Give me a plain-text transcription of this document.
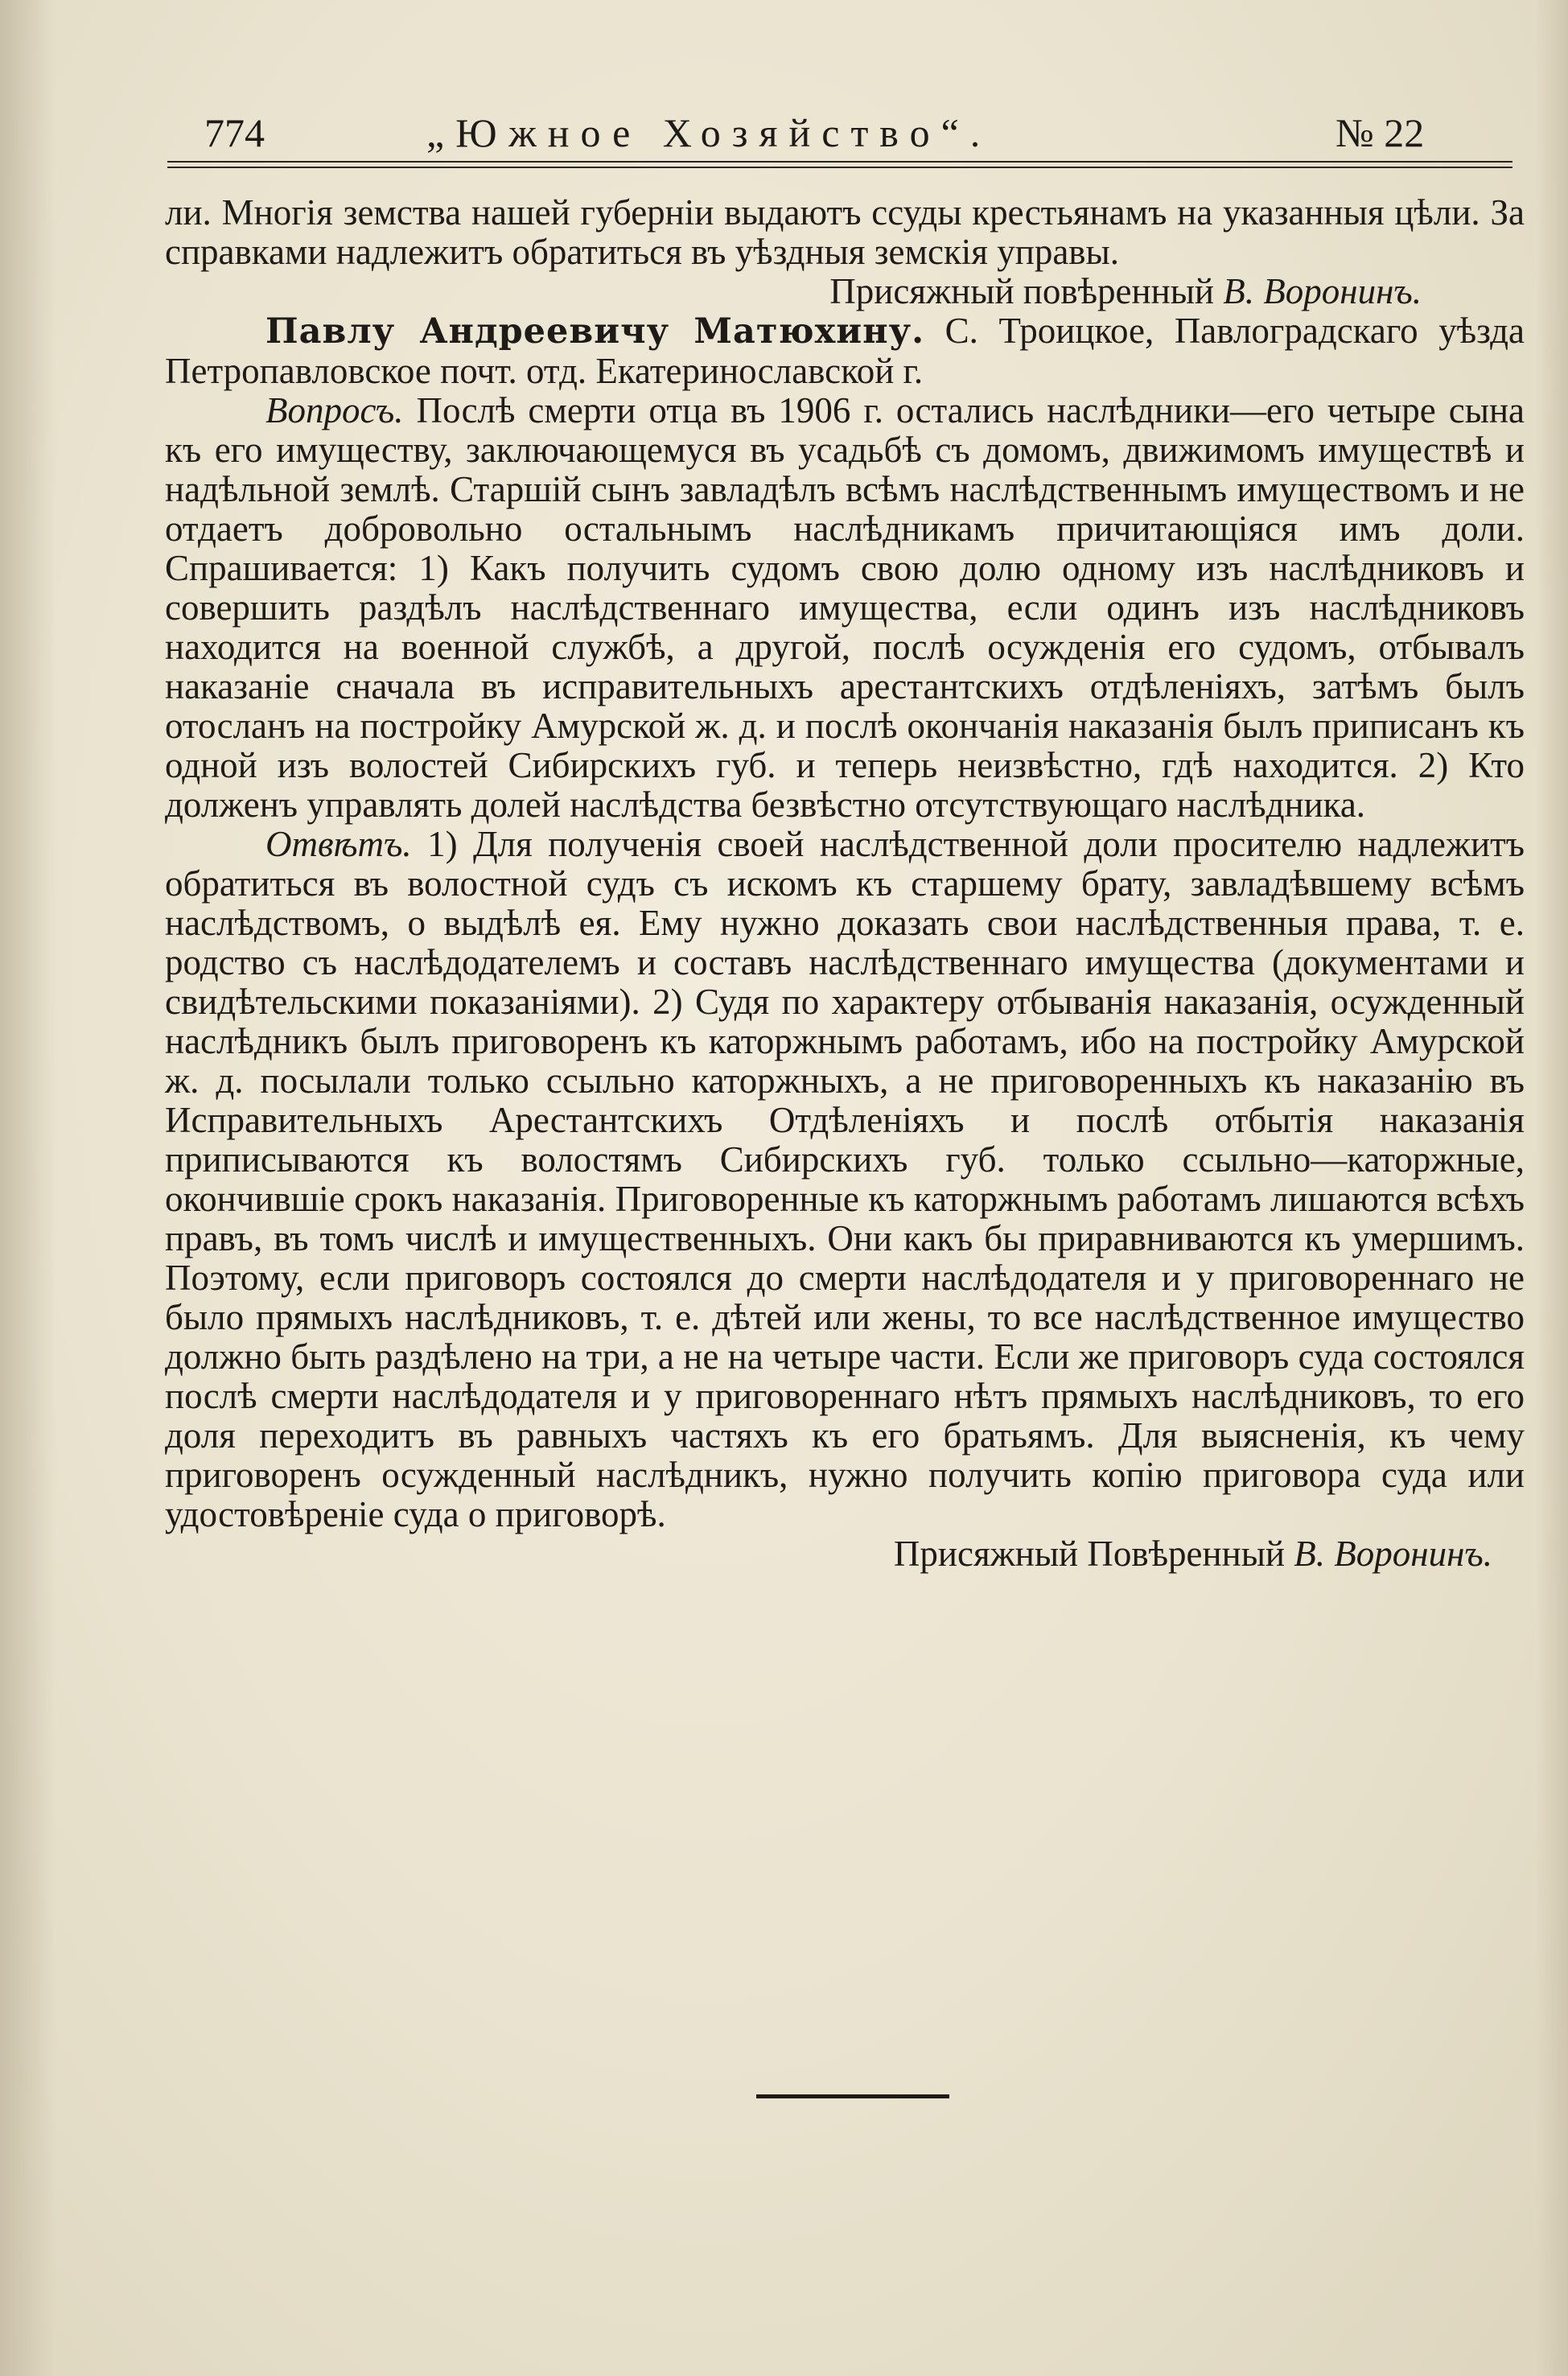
774	„Южное Хозяйство“.	№ 22

ли. Многія земства нашей губерніи выдаютъ ссуды крестьянамъ на указанныя цѣли. За справками надлежитъ обратиться въ уѣздныя земскія управы.

Присяжный повѣренный В. Воронинъ.

Павлу Андреевичу Матюхину. С. Троицкое, Павлоградскаго уѣзда Петропавловское почт. отд. Екатеринославской г.

Вопросъ. Послѣ смерти отца въ 1906 г. остались наслѣдники—его четыре сына къ его имуществу, заключающемуся въ усадьбѣ съ домомъ, движимомъ имуществѣ и надѣльной землѣ. Старшій сынъ завладѣлъ всѣмъ наслѣдственнымъ имуществомъ и не отдаетъ добровольно остальнымъ наслѣдникамъ причитающіяся имъ доли. Спрашивается: 1) Какъ получить судомъ свою долю одному изъ наслѣдниковъ и совершить раздѣлъ наслѣдственнаго имущества, если одинъ изъ наслѣдниковъ находится на военной службѣ, а другой, послѣ осужденія его судомъ, отбывалъ наказаніе сначала въ исправительныхъ арестантскихъ отдѣленіяхъ, затѣмъ былъ отосланъ на постройку Амурской ж. д. и послѣ окончанія наказанія былъ приписанъ къ одной изъ волостей Сибирскихъ губ. и теперь неизвѣстно, гдѣ находится. 2) Кто долженъ управлять долей наслѣдства безвѣстно отсутствующаго наслѣдника.

Отвѣтъ. 1) Для полученія своей наслѣдственной доли просителю надлежитъ обратиться въ волостной судъ съ искомъ къ старшему брату, завладѣвшему всѣмъ наслѣдствомъ, о выдѣлѣ ея. Ему нужно доказать свои наслѣдственныя права, т. е. родство съ наслѣдодателемъ и составъ наслѣдственнаго имущества (документами и свидѣтельскими показаніями). 2) Судя по характеру отбыванія наказанія, осужденный наслѣдникъ былъ приговоренъ къ каторжнымъ работамъ, ибо на постройку Амурской ж. д. посылали только ссыльно каторжныхъ, а не приговоренныхъ къ наказанію въ Исправительныхъ Арестантскихъ Отдѣленіяхъ и послѣ отбытія наказанія приписываются къ волостямъ Сибирскихъ губ. только ссыльно—каторжные, окончившіе срокъ наказанія. Приговоренные къ каторжнымъ работамъ лишаются всѣхъ правъ, въ томъ числѣ и имущественныхъ. Они какъ бы приравниваются къ умершимъ. Поэтому, если приговоръ состоялся до смерти наслѣдодателя и у приговореннаго не было прямыхъ наслѣдниковъ, т. е. дѣтей или жены, то все наслѣдственное имущество должно быть раздѣлено на три, а не на четыре части. Если же приговоръ суда состоялся послѣ смерти наслѣдодателя и у приговореннаго нѣтъ прямыхъ наслѣдниковъ, то его доля переходитъ въ равныхъ частяхъ къ его братьямъ. Для выясненія, къ чему приговоренъ осужденный наслѣдникъ, нужно получить копію приговора суда или удостовѣреніе суда о приговорѣ.

Присяжный Повѣренный В. Воронинъ.
